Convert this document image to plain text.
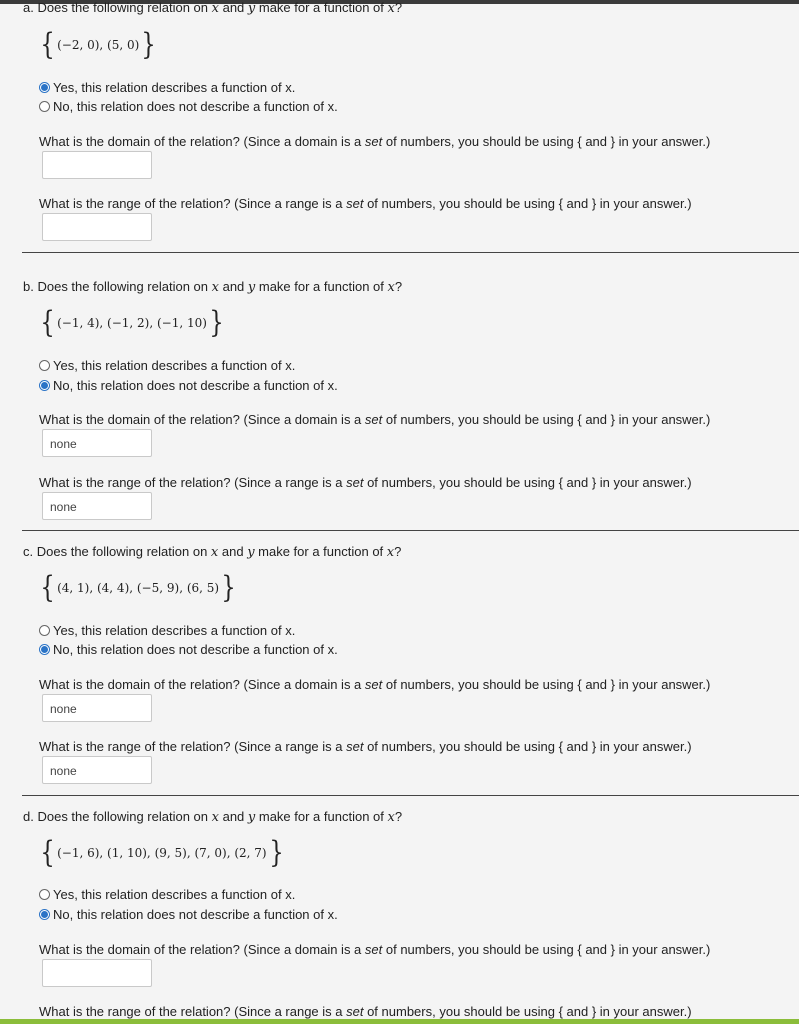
a. Does the following relation on x and y make for a function of x?
{ (−2, 0), (5, 0) }
Yes, this relation describes a function of x.
No, this relation does not describe a function of x.
What is the domain of the relation? (Since a domain is a set of numbers, you should be using { and } in your answer.)
What is the range of the relation? (Since a range is a set of numbers, you should be using { and } in your answer.)
b. Does the following relation on x and y make for a function of x?
{ (−1, 4), (−1, 2), (−1, 10) }
Yes, this relation describes a function of x.
No, this relation does not describe a function of x.
What is the domain of the relation? (Since a domain is a set of numbers, you should be using { and } in your answer.)
none
What is the range of the relation? (Since a range is a set of numbers, you should be using { and } in your answer.)
none
c. Does the following relation on x and y make for a function of x?
{ (4, 1), (4, 4), (−5, 9), (6, 5) }
Yes, this relation describes a function of x.
No, this relation does not describe a function of x.
What is the domain of the relation? (Since a domain is a set of numbers, you should be using { and } in your answer.)
none
What is the range of the relation? (Since a range is a set of numbers, you should be using { and } in your answer.)
none
d. Does the following relation on x and y make for a function of x?
{ (−1, 6), (1, 10), (9, 5), (7, 0), (2, 7) }
Yes, this relation describes a function of x.
No, this relation does not describe a function of x.
What is the domain of the relation? (Since a domain is a set of numbers, you should be using { and } in your answer.)
What is the range of the relation? (Since a range is a set of numbers, you should be using { and } in your answer.)
